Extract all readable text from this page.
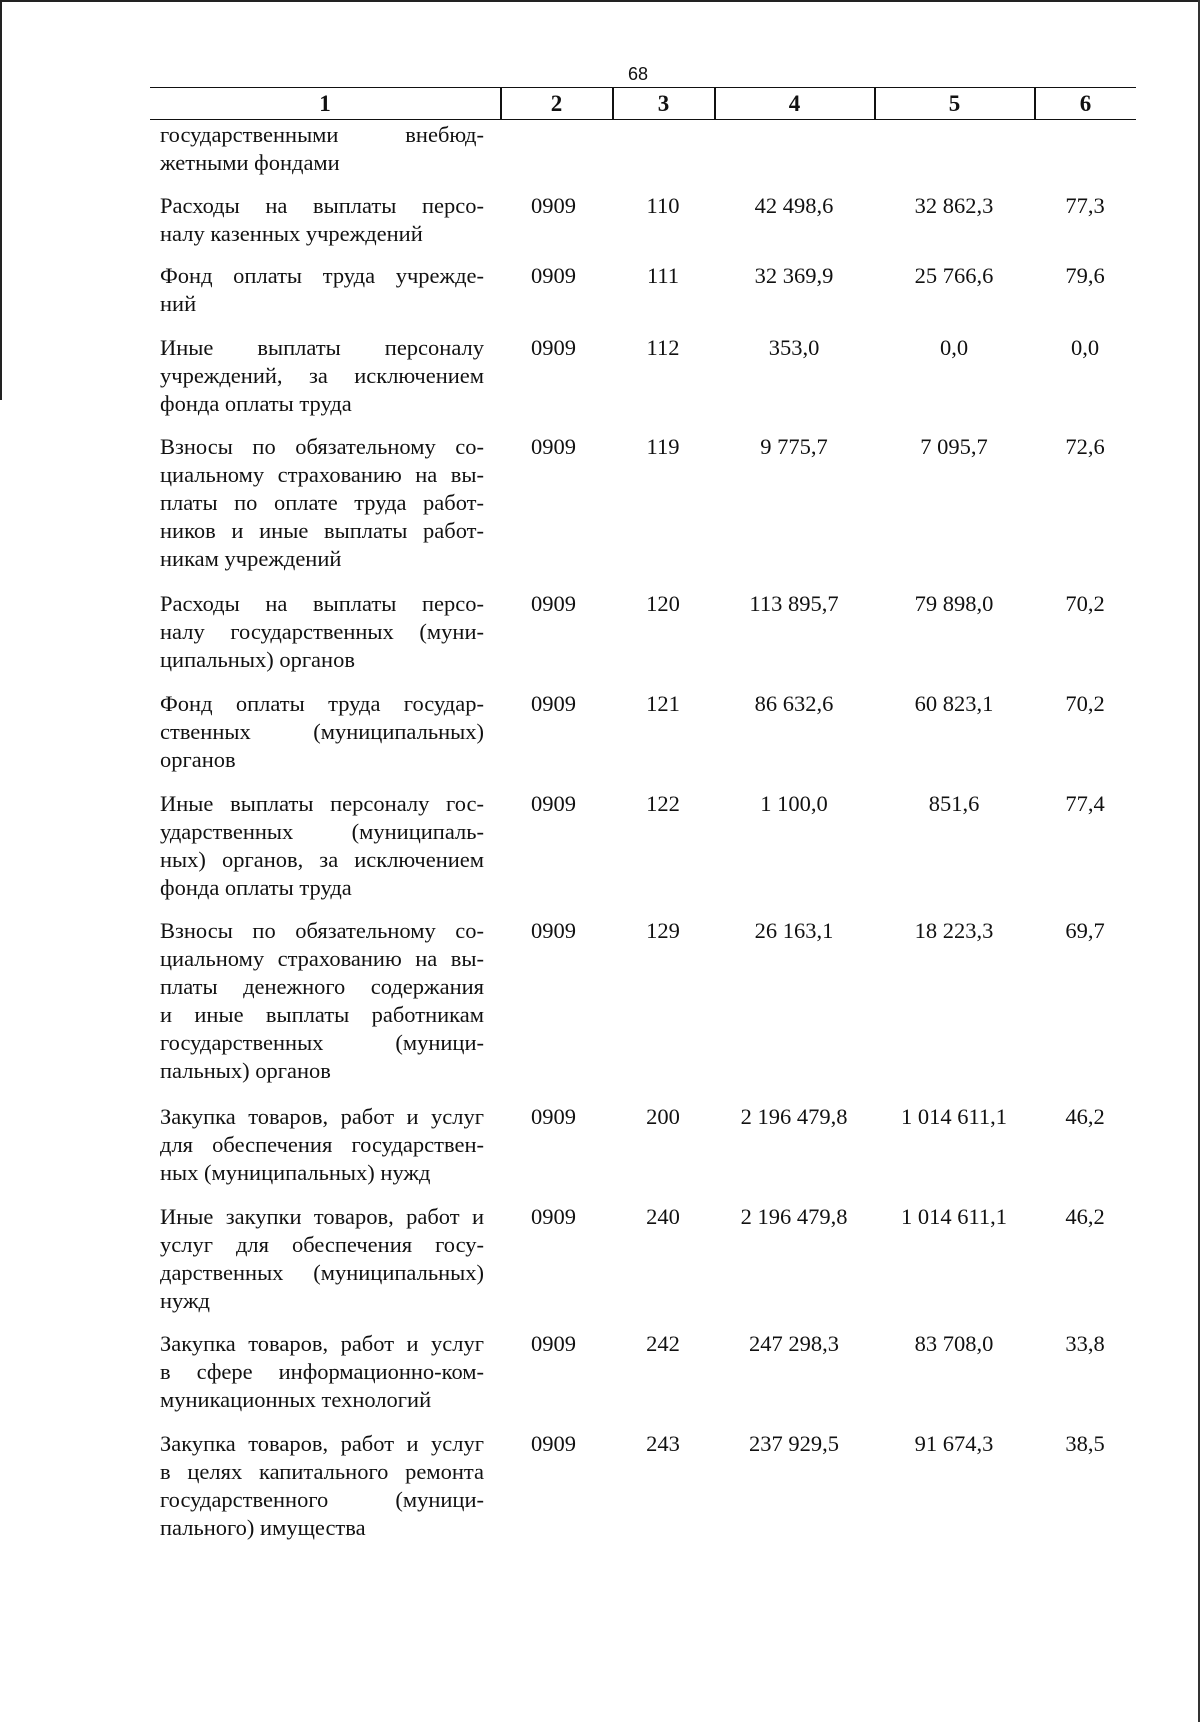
68
1	2	3	4	5	6
государственными внебюд-
жетными фондами
Расходы на выплаты персо-
налу казенных учреждений
0909	110	42 498,6	32 862,3	77,3
Фонд оплаты труда учрежде-
ний
0909	111	32 369,9	25 766,6	79,6
Иные выплаты персоналу
учреждений, за исключением
фонда оплаты труда
0909	112	353,0	0,0	0,0
Взносы по обязательному со-
циальному страхованию на вы-
платы по оплате труда работ-
ников и иные выплаты работ-
никам учреждений
0909	119	9 775,7	7 095,7	72,6
Расходы на выплаты персо-
налу государственных (муни-
ципальных) органов
0909	120	113 895,7	79 898,0	70,2
Фонд оплаты труда государ-
ственных (муниципальных)
органов
0909	121	86 632,6	60 823,1	70,2
Иные выплаты персоналу гос-
ударственных (муниципаль-
ных) органов, за исключением
фонда оплаты труда
0909	122	1 100,0	851,6	77,4
Взносы по обязательному со-
циальному страхованию на вы-
платы денежного содержания
и иные выплаты работникам
государственных (муници-
пальных) органов
0909	129	26 163,1	18 223,3	69,7
Закупка товаров, работ и услуг
для обеспечения государствен-
ных (муниципальных) нужд
0909	200	2 196 479,8	1 014 611,1	46,2
Иные закупки товаров, работ и
услуг для обеспечения госу-
дарственных (муниципальных)
нужд
0909	240	2 196 479,8	1 014 611,1	46,2
Закупка товаров, работ и услуг
в сфере информационно-ком-
муникационных технологий
0909	242	247 298,3	83 708,0	33,8
Закупка товаров, работ и услуг
в целях капитального ремонта
государственного (муници-
пального) имущества
0909	243	237 929,5	91 674,3	38,5
